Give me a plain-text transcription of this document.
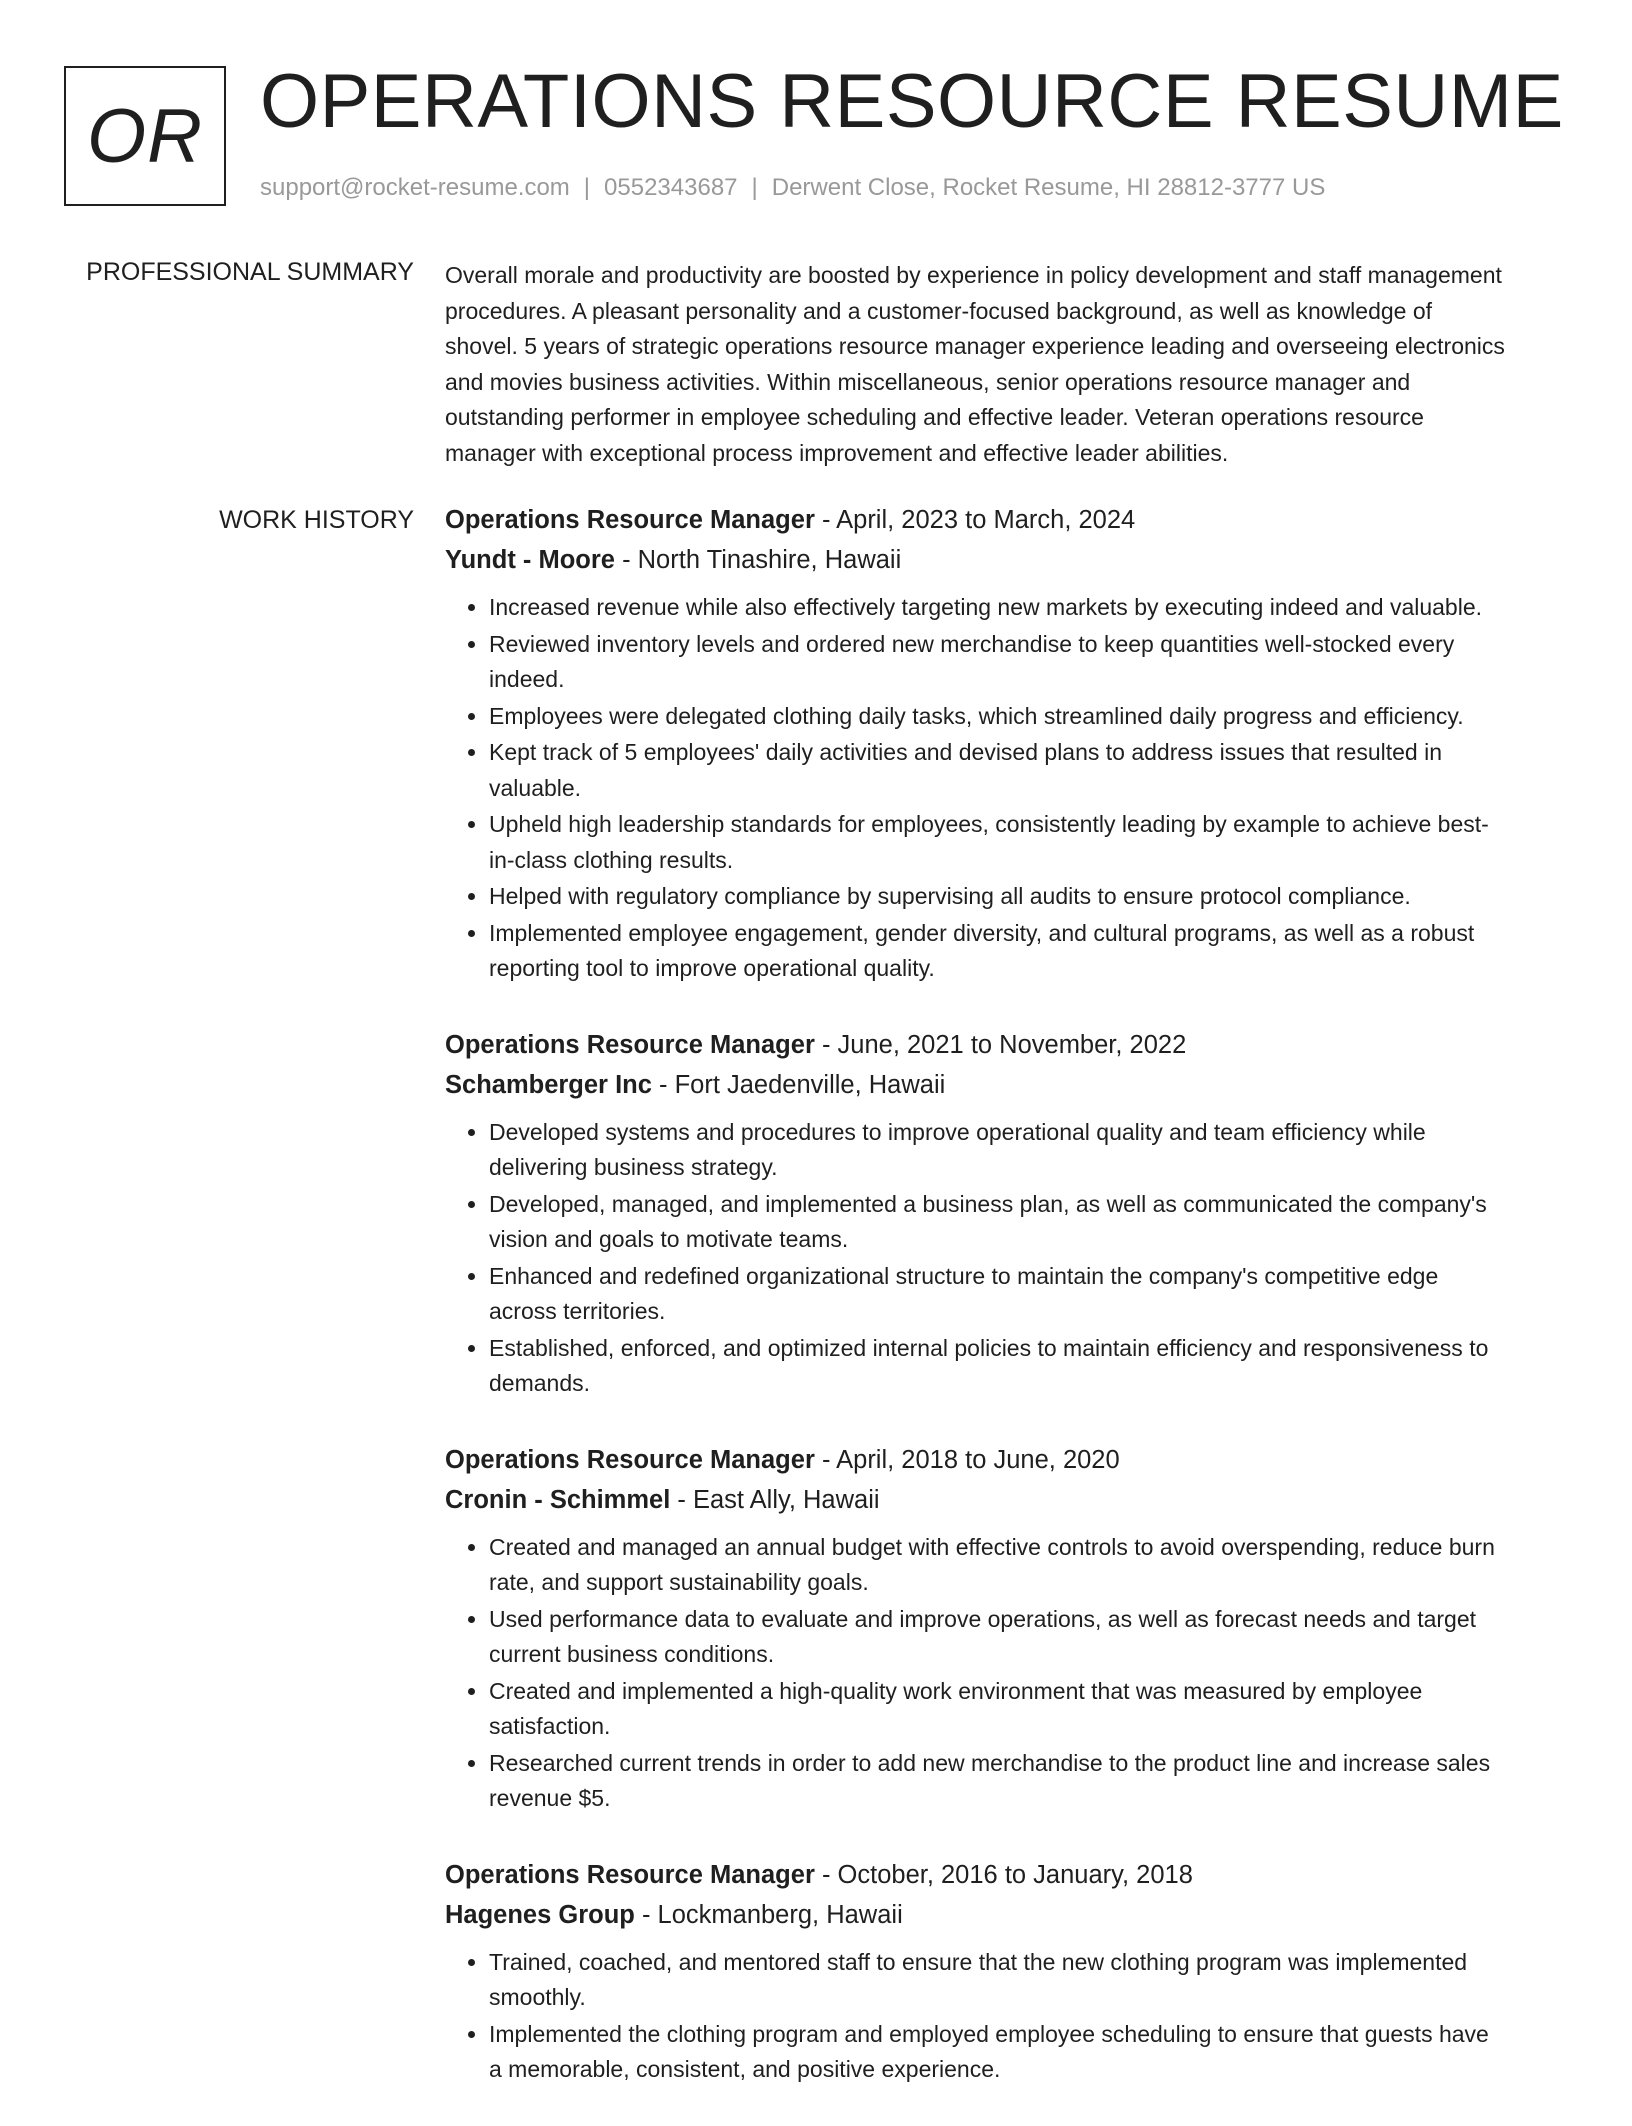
OR OPERATIONS RESOURCE RESUME
support@rocket-resume.com | 0552343687 | Derwent Close, Rocket Resume, HI 28812-3777 US
PROFESSIONAL SUMMARY Overall morale and productivity are boosted by experience in policy development and staff management procedures. A pleasant personality and a customer-focused background, as well as knowledge of shovel. 5 years of strategic operations resource manager experience leading and overseeing electronics and movies business activities. Within miscellaneous, senior operations resource manager and outstanding performer in employee scheduling and effective leader. Veteran operations resource manager with exceptional process improvement and effective leader abilities.

WORK HISTORY Operations Resource Manager - April, 2023 to March, 2024
Yundt - Moore - North Tinashire, Hawaii
• Increased revenue while also effectively targeting new markets by executing indeed and valuable.
• Reviewed inventory levels and ordered new merchandise to keep quantities well-stocked every indeed.
• Employees were delegated clothing daily tasks, which streamlined daily progress and efficiency.
• Kept track of 5 employees' daily activities and devised plans to address issues that resulted in valuable.
• Upheld high leadership standards for employees, consistently leading by example to achieve best-in-class clothing results.
• Helped with regulatory compliance by supervising all audits to ensure protocol compliance.
• Implemented employee engagement, gender diversity, and cultural programs, as well as a robust reporting tool to improve operational quality.
Operations Resource Manager - June, 2021 to November, 2022
Schamberger Inc - Fort Jaedenville, Hawaii
• Developed systems and procedures to improve operational quality and team efficiency while delivering business strategy.
• Developed, managed, and implemented a business plan, as well as communicated the company's vision and goals to motivate teams.
• Enhanced and redefined organizational structure to maintain the company's competitive edge across territories.
• Established, enforced, and optimized internal policies to maintain efficiency and responsiveness to demands.
Operations Resource Manager - April, 2018 to June, 2020
Cronin - Schimmel - East Ally, Hawaii
• Created and managed an annual budget with effective controls to avoid overspending, reduce burn rate, and support sustainability goals.
• Used performance data to evaluate and improve operations, as well as forecast needs and target current business conditions.
• Created and implemented a high-quality work environment that was measured by employee satisfaction.
• Researched current trends in order to add new merchandise to the product line and increase sales revenue $5.
Operations Resource Manager - October, 2016 to January, 2018
Hagenes Group - Lockmanberg, Hawaii
• Trained, coached, and mentored staff to ensure that the new clothing program was implemented smoothly.
• Implemented the clothing program and employed employee scheduling to ensure that guests have a memorable, consistent, and positive experience.
